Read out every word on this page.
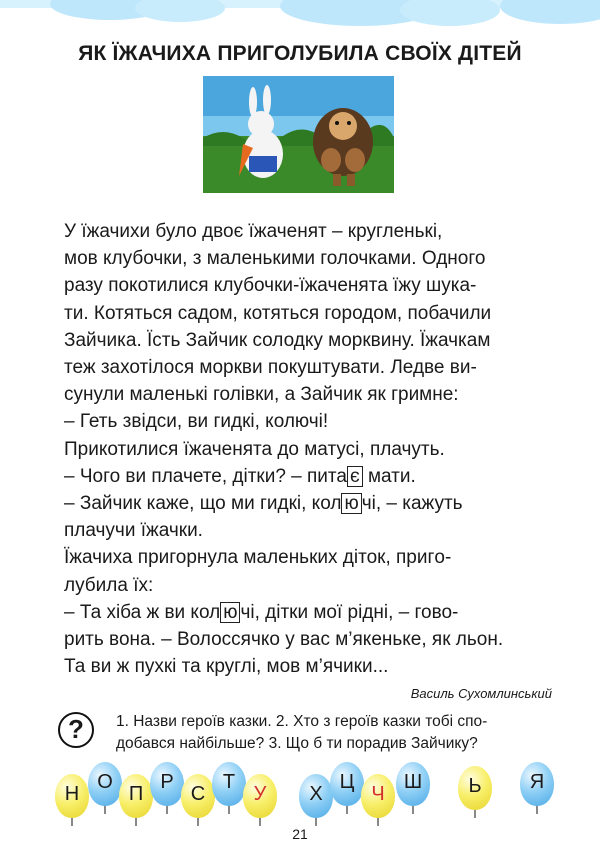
ЯК ЇЖАЧИХА ПРИГОЛУБИЛА СВОЇХ ДІТЕЙ

У їжачихи було двоє їжаченят – кругленькі,

мов клубочки, з маленькими голочками. Одного

разу покотилися клубочки-їжаченята їжу шука-

ти. Котяться садом, котяться городом, побачили

Зайчика. Їсть Зайчик солодку морквину. Їжачкам

теж захотілося моркви покуштувати. Ледве ви-

сунули маленькі голівки, а Зайчик як гримне:

– Геть звідси, ви гидкі, колючі!

Прикотилися їжаченята до матусі, плачуть.

– Чого ви плачете, дітки? – пита є мати.

– Зайчик каже, що ми гидкі, кол ю чі, – кажуть

плачучи їжачки.

Їжачиха пригорнула маленьких діток, пригo-

лубила їх:

– Та хіба ж ви кол ю чі, дітки мої рідні, – гово-

рить вона. – Волоссячко у вас м’якеньке, як льон.

Та ви ж пухкі та круглі, мов м’ячики...

Василь Сухомлинський
?	1. Назви героїв казки. 2. Хто з героїв казки тобі спо-

добався найбільше? 3. Що б ти порадив Зайчику?

Н
О
П
Р
С
Т
У	Х
Ц
Ч
Ш	Ь	Я
21
